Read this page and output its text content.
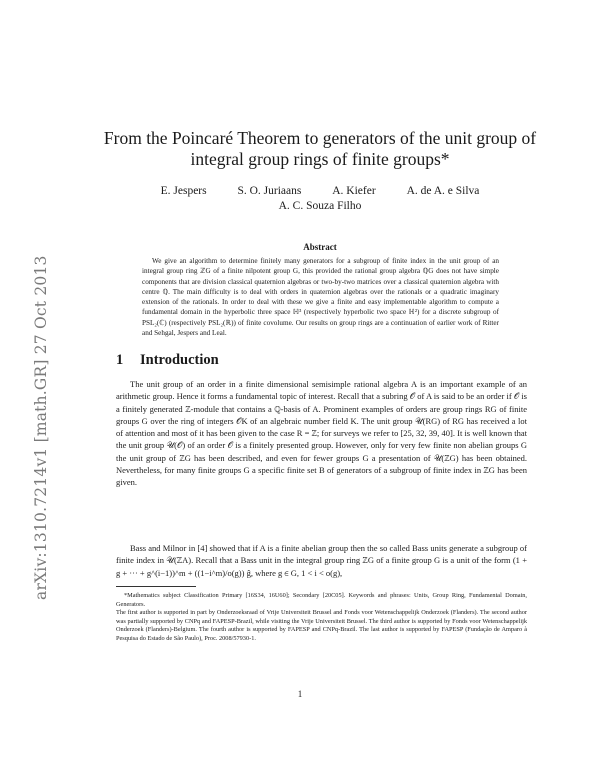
arXiv:1310.7214v1 [math.GR] 27 Oct 2013
From the Poincaré Theorem to generators of the unit group of integral group rings of finite groups*
E. Jespers	S. O. Juriaans	A. Kiefer	A. de A. e Silva
A. C. Souza Filho
Abstract
We give an algorithm to determine finitely many generators for a subgroup of finite index in the unit group of an integral group ring ℤG of a finite nilpotent group G, this provided the rational group algebra ℚG does not have simple components that are division classical quaternion algebras or two-by-two matrices over a classical quaternion algebra with centre ℚ. The main difficulty is to deal with orders in quaternion algebras over the rationals or a quadratic imaginary extension of the rationals. In order to deal with these we give a finite and easy implementable algorithm to compute a fundamental domain in the hyperbolic three space ℍ³ (respectively hyperbolic two space ℍ²) for a discrete subgroup of PSL₂(ℂ) (respectively PSL₂(ℝ)) of finite covolume. Our results on group rings are a continuation of earlier work of Ritter and Sehgal, Jespers and Leal.
1 Introduction
The unit group of an order in a finite dimensional semisimple rational algebra A is an important example of an arithmetic group. Hence it forms a fundamental topic of interest. Recall that a subring 𝒪 of A is said to be an order if 𝒪 is a finitely generated ℤ-module that contains a ℚ-basis of A. Prominent examples of orders are group rings RG of finite groups G over the ring of integers 𝒪K of an algebraic number field K. The unit group 𝒰(RG) of RG has received a lot of attention and most of it has been given to the case R = ℤ; for surveys we refer to [25, 32, 39, 40]. It is well known that the unit group 𝒰(𝒪) of an order 𝒪 is a finitely presented group. However, only for very few finite non abelian groups G the unit group of ℤG has been described, and even for fewer groups G a presentation of 𝒰(ℤG) has been obtained. Nevertheless, for many finite groups G a specific finite set B of generators of a subgroup of finite index in ℤG has been given.
Bass and Milnor in [4] showed that if A is a finite abelian group then the so called Bass units generate a subgroup of finite index in 𝒰(ℤA). Recall that a Bass unit in the integral group ring ℤG of a finite group G is a unit of the form (1 + g + ··· + g^(i−1))^m + ((1−i^m)/o(g)) ĝ, where g ∈ G, 1 < i < o(g),

*Mathematics subject Classification Primary [16S34, 16U60]; Secondary [20C05]. Keywords and phrases: Units, Group Ring, Fundamental Domain, Generators.

The first author is supported in part by Onderzoeksraad of Vrije Universiteit Brussel and Fonds voor Wetenschappelijk Onderzoek (Flanders). The second author was partially supported by CNPq and FAPESP-Brazil, while visiting the Vrije Universiteit Brussel. The third author is supported by Fonds voor Wetenschappelijk Onderzoek (Flanders)-Belgium. The fourth author is supported by FAPESP and CNPq-Brazil. The last author is supported by FAPESP (Fundação de Amparo à Pesquisa do Estado de São Paulo), Proc. 2008/57930-1.

1
